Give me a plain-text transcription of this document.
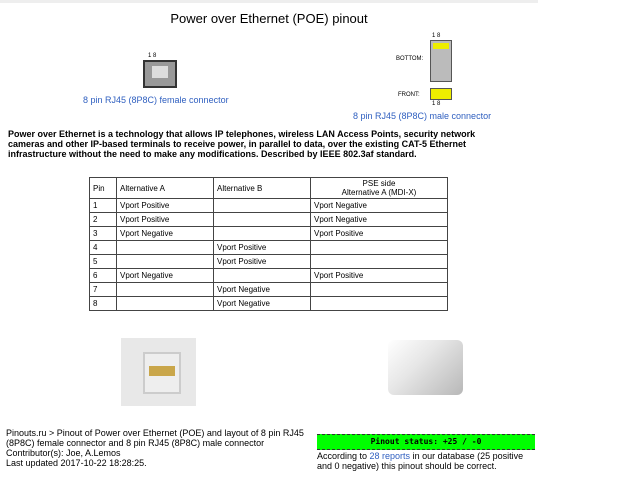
Power over Ethernet (POE) pinout
1 8
8 pin RJ45 (8P8C) female connector
1 8
BOTTOM:
FRONT:
1 8
8 pin RJ45 (8P8C) male connector
Power over Ethernet is a technology that allows IP telephones, wireless LAN Access Points, security network cameras and other IP-based terminals to receive power, in parallel to data, over the existing CAT-5 Ethernet infrastructure without the need to make any modifications. Described by IEEE 802.3af standard.
Pin	Alternative A	Alternative B	PSE side
Alternative A (MDI-X)

1	Vport Positive		Vport Negative
2	Vport Positive		Vport Negative
3	Vport Negative		Vport Positive
4		Vport Positive	
5		Vport Positive	
6	Vport Negative		Vport Positive
7		Vport Negative	
8		Vport Negative	
Pinouts.ru > Pinout of Power over Ethernet (POE) and layout of 8 pin RJ45 (8P8C) female connector and 8 pin RJ45 (8P8C) male connector
Contributor(s): Joe, A.Lemos
Last updated 2017-10-22 18:28:25.
Pinout status: +25 / -0
According to 28 reports in our database (25 positive and 0 negative) this pinout should be correct.
